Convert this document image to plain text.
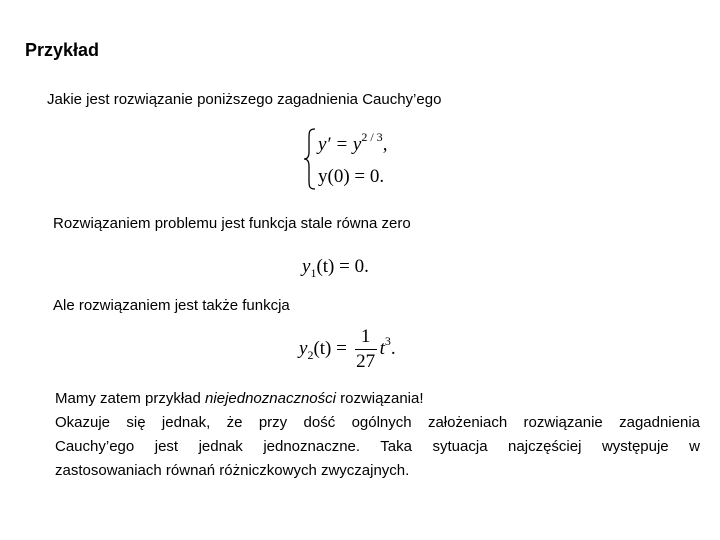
Przykład
Jakie jest rozwiązanie poniższego zagadnienia Cauchy’ego
$y' = y^{2 / 3}$,
y(0) = 0.
Rozwiązaniem problemu jest funkcja stale równa zero
$y_1(t) = 0$.
Ale rozwiązaniem jest także funkcja
$y_2(t) = \frac{1}{27} t^3$.

Mamy zatem przykład niejednoznaczności rozwiązania!

Okazuje się jednak, że przy dość ogólnych założeniach rozwiązanie zagadnienia

Cauchy’ego jest jednak jednoznaczne. Taka sytuacja najczęściej występuje w

zastosowaniach równań różniczkowych zwyczajnych.
